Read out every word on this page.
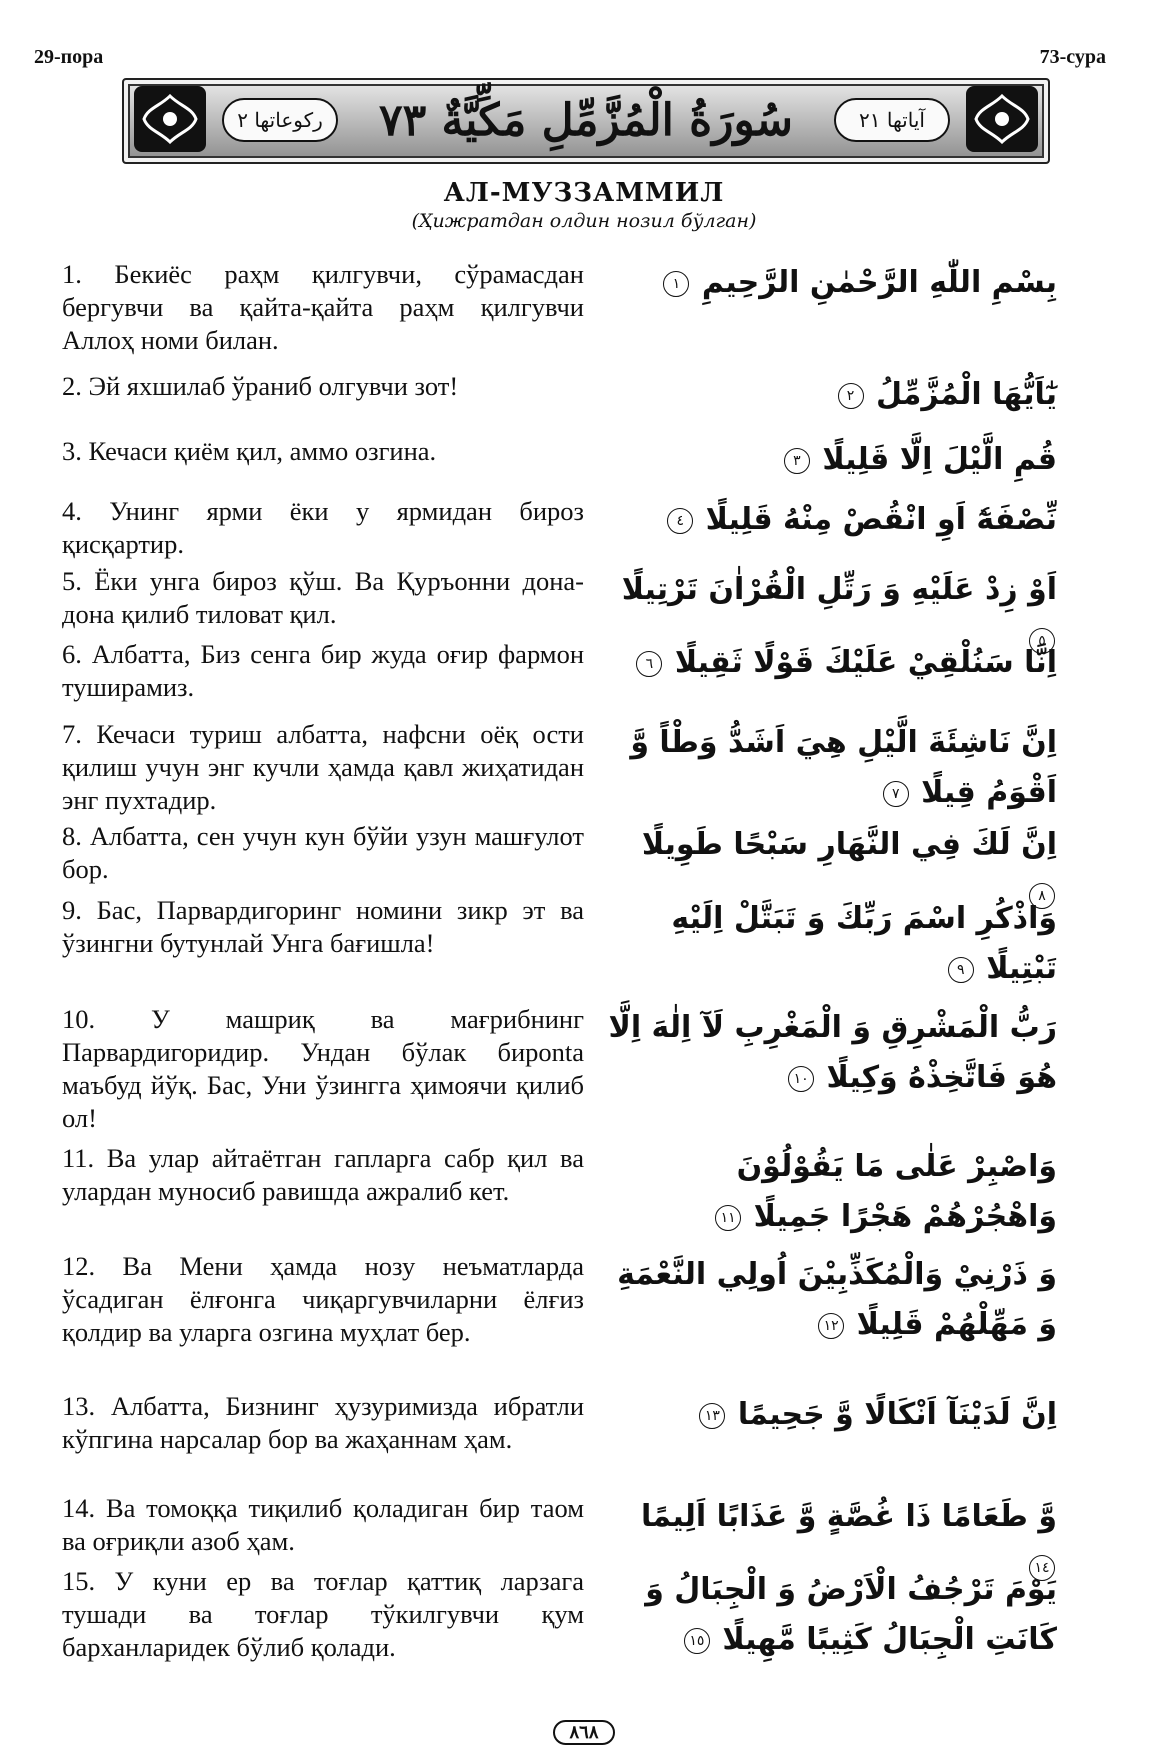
29-пора	73-сура
ركوعاتها ٢	سُورَةُ الْمُزَّمِّلِ مَكِّيَّةٌ ٧٣	آياتها ٢١
АЛ-МУЗЗАММИЛ
(Ҳижратдан олдин нозил бўлган)
1. Бекиёс раҳм қилгувчи, сўрамасдан бергувчи ва қайта-қайта раҳм қилгувчи Аллоҳ номи билан.
بِسْمِ اللّٰهِ الرَّحْمٰنِ الرَّحِيمِ ١
2. Эй яхшилаб ўраниб олгувчи зот!	يٰٓاَيُّهَا الْمُزَّمِّلُ ٢
3. Кечаси қиём қил, аммо озгина.	قُمِ الَّيْلَ اِلَّا قَلِيلًا ٣
4. Унинг ярми ёки у ярмидан бироз қисқартир.
نِّصْفَهٗٓ اَوِ انْقُصْ مِنْهُ قَلِيلًا ٤
5. Ёки унга бироз қўш. Ва Қуръонни дона-дона қилиб тиловат қил.
اَوْ زِدْ عَلَيْهِ وَ رَتِّلِ الْقُرْاٰنَ تَرْتِيلًا ٥
6. Албатта, Биз сенга бир жуда оғир фармон туширамиз.
اِنَّا سَنُلْقِيْ عَلَيْكَ قَوْلًا ثَقِيلًا ٦
7. Кечаси туриш албатта, нафсни оёқ ости қилиш учун энг кучли ҳамда қавл жиҳатидан энг пухтадир.
اِنَّ نَاشِئَةَ الَّيْلِ هِيَ اَشَدُّ وَطْاً وَّ اَقْوَمُ قِيلًا ٧
8. Албатта, сен учун кун бўйи узун машғулот бор.
اِنَّ لَكَ فِي النَّهَارِ سَبْحًا طَوِيلًا ٨
9. Бас, Парвардигоринг номини зикр эт ва ўзингни бутунлай Унга бағишла!
وَاذْكُرِ اسْمَ رَبِّكَ وَ تَبَتَّلْ اِلَيْهِ تَبْتِيلًا ٩
10. У машриқ ва мағрибнинг Парвардигоридир. Ундан бўлак бирonta маъбуд йўқ. Бас, Уни ўзингга ҳимоячи қилиб ол!
رَبُّ الْمَشْرِقِ وَ الْمَغْرِبِ لَآ اِلٰهَ اِلَّا هُوَ فَاتَّخِذْهُ وَكِيلًا ١٠
11. Ва улар айтаётган гапларга сабр қил ва улардан муносиб равишда ажралиб кет.
وَاصْبِرْ عَلٰى مَا يَقُوْلُوْنَ وَاهْجُرْهُمْ هَجْرًا جَمِيلًا ١١
12. Ва Мени ҳамда нозу неъматларда ўсадиган ёлғонга чиқаргувчиларни ёлғиз қолдир ва уларга озгина муҳлат бер.
وَ ذَرْنِيْ وَالْمُكَذِّبِيْنَ اُولِي النَّعْمَةِ وَ مَهِّلْهُمْ قَلِيلًا ١٢
13. Албатта, Бизнинг ҳузуримизда ибратли кўпгина нарсалар бор ва жаҳаннам ҳам.
اِنَّ لَدَيْنَآ اَنْكَالًا وَّ جَحِيمًا ١٣
14. Ва томоққа тиқилиб қоладиган бир таом ва оғриқли азоб ҳам.
وَّ طَعَامًا ذَا غُصَّةٍ وَّ عَذَابًا اَلِيمًا ١٤
15. У куни ер ва тоғлар қаттиқ ларзага тушади ва тоғлар тўкилгувчи қум барханларидек бўлиб қолади.
يَوْمَ تَرْجُفُ الْاَرْضُ وَ الْجِبَالُ وَ كَانَتِ الْجِبَالُ كَثِيبًا مَّهِيلًا ١٥
٨٦٨
